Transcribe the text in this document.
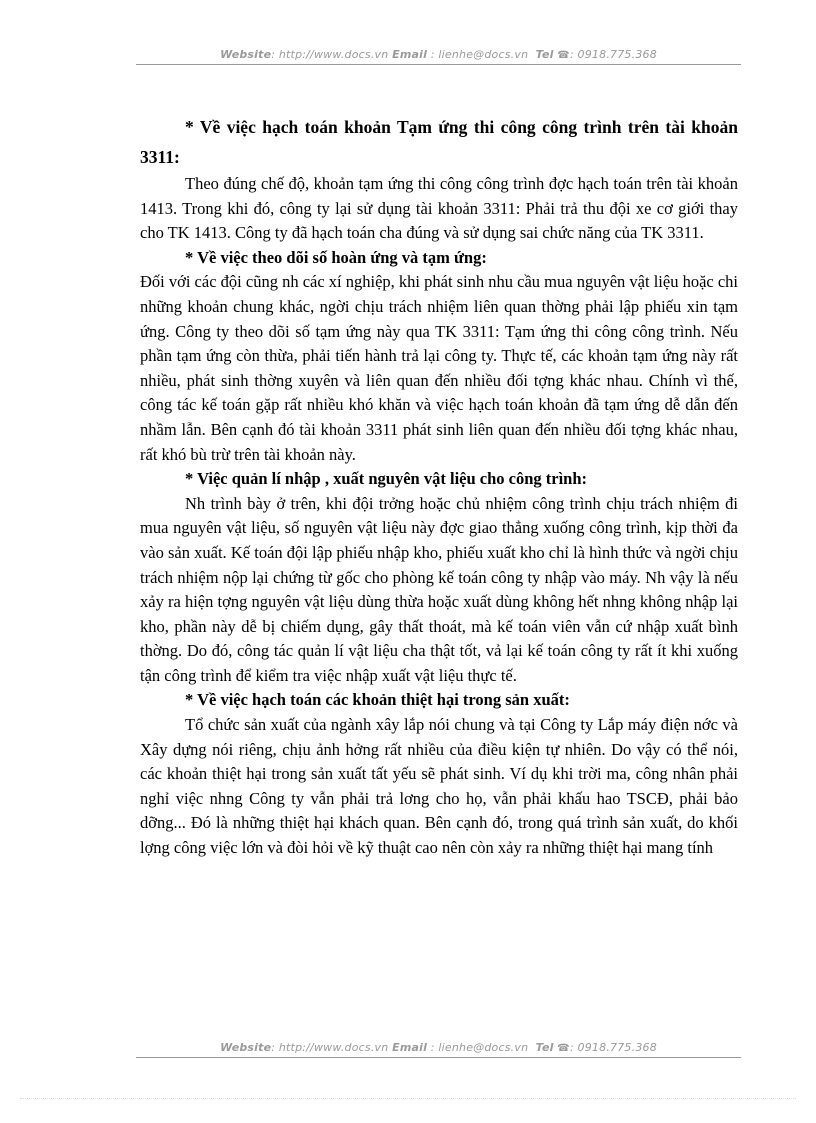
Website: http://www.docs.vn Email : lienhe@docs.vn Tel ☎: 0918.775.368

* Về việc hạch toán khoản Tạm ứng thi công công trình trên tài khoản 3311:

Theo đúng chế độ, khoản tạm ứng thi công công trình đợc hạch toán trên tài khoản 1413. Trong khi đó, công ty lại sử dụng tài khoản 3311: Phải trả thu đội xe cơ giới thay cho TK 1413. Công ty đã hạch toán cha đúng và sử dụng sai chức năng của TK 3311.

* Về việc theo dõi số hoàn ứng và tạm ứng:

Đối với các đội cũng nh các xí nghiệp, khi phát sinh nhu cầu mua nguyên vật liệu hoặc chi những khoản chung khác, ngời chịu trách nhiệm liên quan thờng phải lập phiếu xin tạm ứng. Công ty theo dõi số tạm ứng này qua TK 3311: Tạm ứng thi công công trình. Nếu phần tạm ứng còn thừa, phải tiến hành trả lại công ty. Thực tế, các khoản tạm ứng này rất nhiều, phát sinh thờng xuyên và liên quan đến nhiều đối tợng khác nhau. Chính vì thế, công tác kế toán gặp rất nhiều khó khăn và việc hạch toán khoản đã tạm ứng dễ dẫn đến nhầm lẫn. Bên cạnh đó tài khoản 3311 phát sinh liên quan đến nhiều đối tợng khác nhau, rất khó bù trừ trên tài khoản này.

* Việc quản lí nhập , xuất nguyên vật liệu cho công trình:

Nh trình bày ở trên, khi đội trởng hoặc chủ nhiệm công trình chịu trách nhiệm đi mua nguyên vật liệu, số nguyên vật liệu này đợc giao thẳng xuống công trình, kịp thời đa vào sản xuất. Kế toán đội lập phiếu nhập kho, phiếu xuất kho chỉ là hình thức và ngời chịu trách nhiệm nộp lại chứng từ gốc cho phòng kế toán công ty nhập vào máy. Nh vậy là nếu xảy ra hiện tợng nguyên vật liệu dùng thừa hoặc xuất dùng không hết nhng không nhập lại kho, phần này dễ bị chiếm dụng, gây thất thoát, mà kế toán viên vẫn cứ nhập xuất bình thờng. Do đó, công tác quản lí vật liệu cha thật tốt, vả lại kế toán công ty rất ít khi xuống tận công trình để kiểm tra việc nhập xuất vật liệu thực tế.

* Về việc hạch toán các khoản thiệt hại trong sản xuất:

Tổ chức sản xuất của ngành xây lắp nói chung và tại Công ty Lắp máy điện nớc và Xây dựng nói riêng, chịu ảnh hởng rất nhiều của điều kiện tự nhiên. Do vậy có thể nói, các khoản thiệt hại trong sản xuất tất yếu sẽ phát sinh. Ví dụ khi trời ma, công nhân phải nghỉ việc nhng Công ty vẫn phải trả lơng cho họ, vẫn phải khấu hao TSCĐ, phải bảo dỡng... Đó là những thiệt hại khách quan. Bên cạnh đó, trong quá trình sản xuất, do khối lợng công việc lớn và đòi hỏi về kỹ thuật cao nên còn xảy ra những thiệt hại mang tính

Website: http://www.docs.vn Email : lienhe@docs.vn Tel ☎: 0918.775.368
